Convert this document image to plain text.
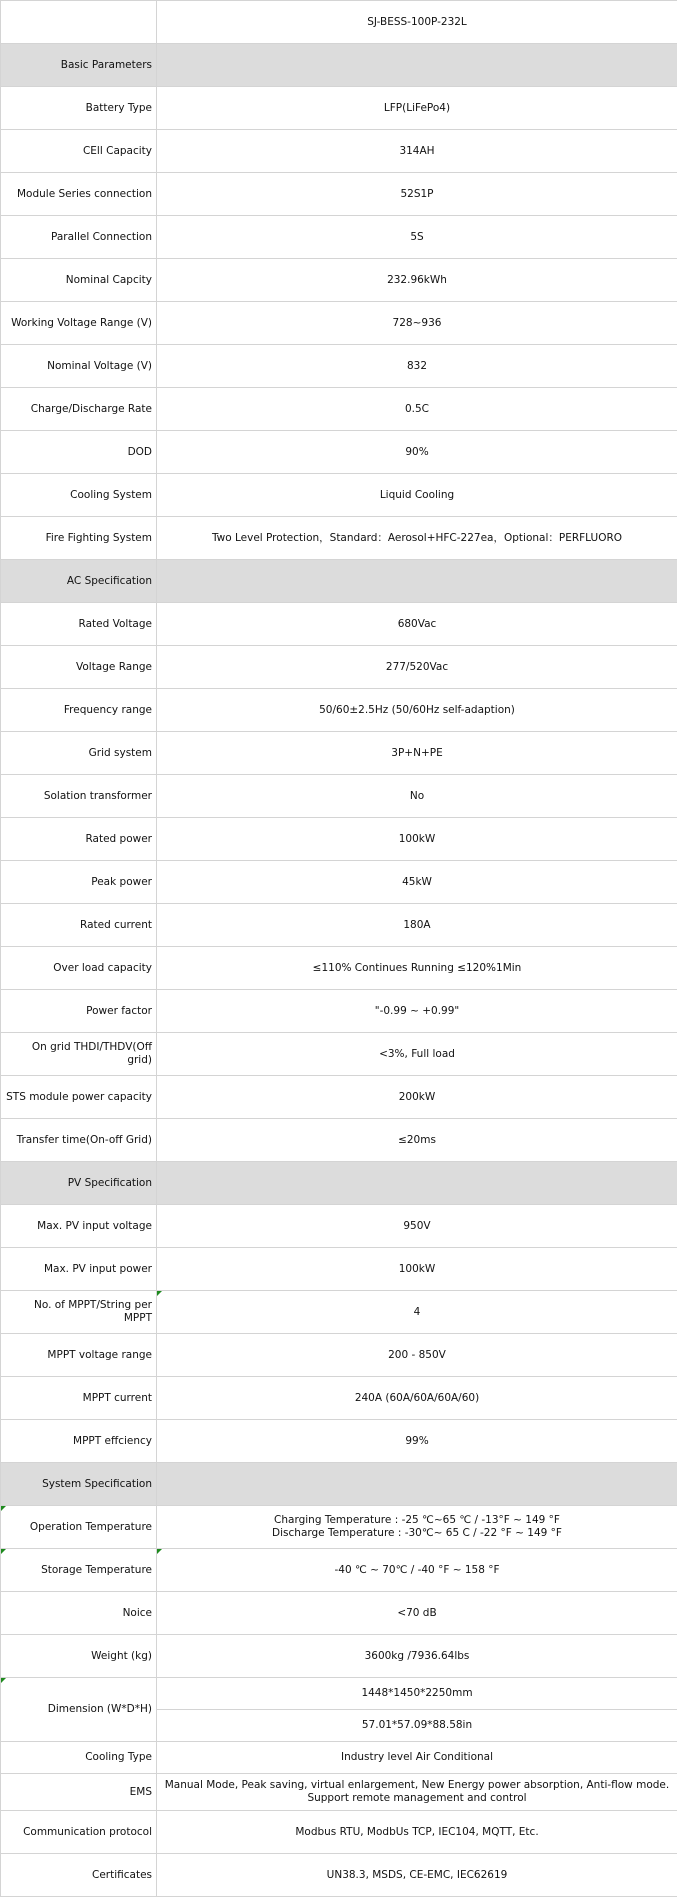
	SJ-BESS-100P-232L
Basic Parameters	
Battery Type	LFP(LiFePo4)
CEll Capacity	314AH
Module Series connection	52S1P
Parallel Connection	5S
Nominal Capcity	232.96kWh
Working Voltage Range (V)	728~936
Nominal Voltage (V)	832
Charge/Discharge Rate	0.5C
DOD	90%
Cooling System	Liquid Cooling
Fire Fighting System	Two Level Protection，Standard：Aerosol+HFC-227ea，Optional：PERFLUORO
AC Specification	
Rated Voltage	680Vac
Voltage Range	277/520Vac
Frequency range	50/60±2.5Hz (50/60Hz self-adaption)
Grid system	3P+N+PE
Solation transformer	No
Rated power	100kW
Peak power	45kW
Rated current	180A
Over load capacity	≤110% Continues Running ≤120%1Min
Power factor	"-0.99 ~ +0.99"
On grid THDI/THDV(Off grid)	<3%, Full load
STS module power capacity	200kW
Transfer time(On-off Grid)	≤20ms
PV Specification	
Max. PV input voltage	950V
Max. PV input power	100kW
No. of MPPT/String per MPPT	4
MPPT voltage range	200 - 850V
MPPT current	240A (60A/60A/60A/60)
MPPT effciency	99%
System Specification	
Operation Temperature	Charging Temperature : -25 ℃~65 ℃ / -13°F ~ 149 °F
Discharge Temperature : -30℃~ 65 C / -22 °F ~ 149 °F

Storage Temperature	-40 ℃ ~ 70℃ / -40 °F ~ 158 °F
Noice	<70 dB
Weight (kg)	3600kg /7936.64lbs
Dimension (W*D*H)	1448*1450*2250mm
	57.01*57.09*88.58in
Cooling Type	Industry level Air Conditional
EMS	Manual Mode, Peak saving, virtual enlargement, New Energy power absorption, Anti-flow mode.
Support remote management and control

Communication protocol	Modbus RTU, ModbUs TCP, IEC104, MQTT, Etc.
Certificates	UN38.3, MSDS, CE-EMC, IEC62619
